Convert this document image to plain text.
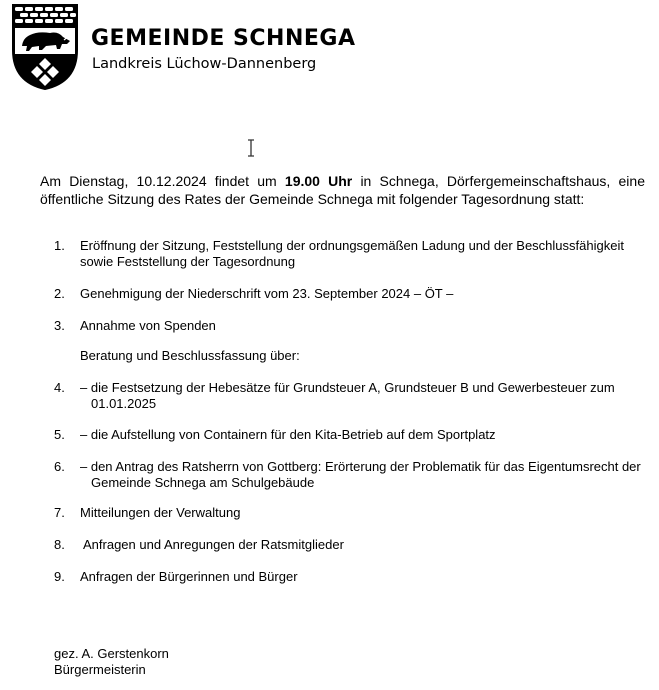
GEMEINDE SCHNEGA
Landkreis Lüchow-Dannenberg
Am Dienstag, 10.12.2024 findet um 19.00 Uhr in Schnega, Dörfergemeinschaftshaus, eine öffentliche Sitzung des Rates der Gemeinde Schnega mit folgender Tagesordnung statt:
1. Eröffnung der Sitzung, Feststellung der ordnungsgemäßen Ladung und der Beschlussfähigkeit sowie Feststellung der Tagesordnung
2. Genehmigung der Niederschrift vom 23. September 2024 – ÖT –
3. Annahme von Spenden
Beratung und Beschlussfassung über:
4. – die Festsetzung der Hebesätze für Grundsteuer A, Grundsteuer B und Gewerbesteuer zum 01.01.2025
5. – die Aufstellung von Containern für den Kita-Betrieb auf dem Sportplatz
6. – den Antrag des Ratsherrn von Gottberg: Erörterung der Problematik für das Eigentumsrecht der Gemeinde Schnega am Schulgebäude
7. Mitteilungen der Verwaltung
8. Anfragen und Anregungen der Ratsmitglieder
9. Anfragen der Bürgerinnen und Bürger
gez. A. Gerstenkorn
Bürgermeisterin
